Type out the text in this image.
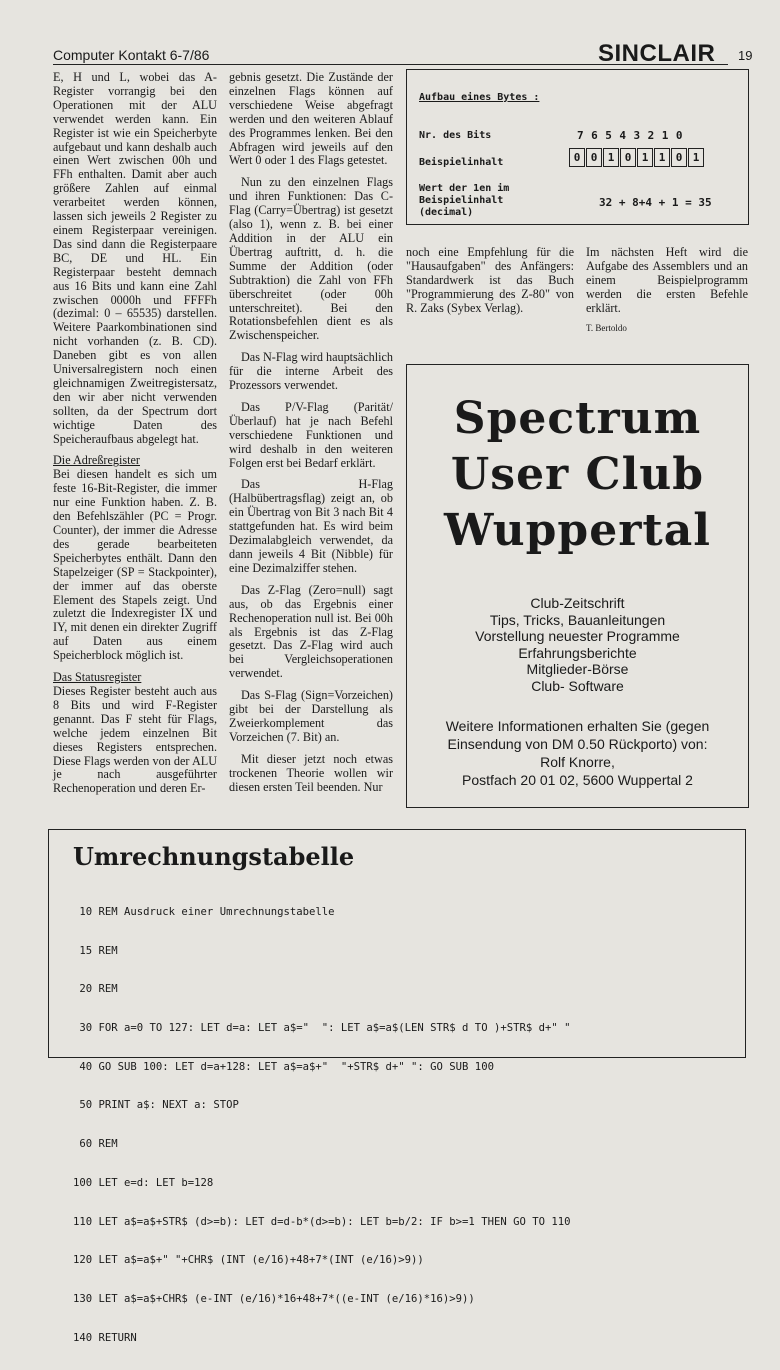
Computer Kontakt 6-7/86	SINCLAIR 19

E, H und L, wobei das A-Register vorrangig bei den Operationen mit der ALU verwendet werden kann. Ein Register ist wie ein Speicherbyte aufgebaut und kann deshalb auch einen Wert zwischen 00h und FFh enthalten. Damit aber auch größere Zahlen auf einmal verarbeitet werden können, lassen sich jeweils 2 Register zu einem Registerpaar vereinigen. Das sind dann die Registerpaare BC, DE und HL. Ein Registerpaar besteht demnach aus 16 Bits und kann eine Zahl zwischen 0000h und FFFFh (dezimal: 0 – 65535) darstellen. Weitere Paarkombinationen sind nicht vorhanden (z. B. CD). Daneben gibt es von allen Universalregistern noch einen gleichnamigen Zweitregistersatz, den wir aber nicht verwenden sollten, da der Spectrum dort wichtige Daten des Speicheraufbaus abgelegt hat.

Die Adreßregister

Bei diesen handelt es sich um feste 16-Bit-Register, die immer nur eine Funktion haben. Z. B. den Befehlszähler (PC = Progr. Counter), der immer die Adresse des gerade bearbeiteten Speicherbytes enthält. Dann den Stapelzeiger (SP = Stackpointer), der immer auf das oberste Element des Stapels zeigt. Und zuletzt die Indexregister IX und IY, mit denen ein direkter Zugriff auf Daten aus einem Speicherblock möglich ist.

Das Statusregister

Dieses Register besteht auch aus 8 Bits und wird F-Register genannt. Das F steht für Flags, welche jedem einzelnen Bit dieses Registers entsprechen. Diese Flags werden von der ALU je nach ausgeführter Rechenoperation und deren Er-

gebnis gesetzt. Die Zustände der einzelnen Flags können auf verschiedene Weise abgefragt werden und den weiteren Ablauf des Programmes lenken. Bei den Abfragen wird jeweils auf den Wert 0 oder 1 des Flags getestet.

Nun zu den einzelnen Flags und ihren Funktionen: Das C-Flag (Carry=Übertrag) ist gesetzt (also 1), wenn z. B. bei einer Addition in der ALU ein Übertrag auftritt, d. h. die Summe der Addition (oder Subtraktion) die Zahl von FFh überschreitet (oder 00h unterschreitet). Bei den Rotationsbefehlen dient es als Zwischenspeicher.

Das N-Flag wird hauptsächlich für die interne Arbeit des Prozessors verwendet.

Das P/V-Flag (Parität/Überlauf) hat je nach Befehl verschiedene Funktionen und wird deshalb in den weiteren Folgen erst bei Bedarf erklärt.

Das H-Flag (Halbübertragsflag) zeigt an, ob ein Übertrag von Bit 3 nach Bit 4 stattgefunden hat. Es wird beim Dezimalabgleich verwendet, da dann jeweils 4 Bit (Nibble) für eine Dezimalziffer stehen.

Das Z-Flag (Zero=null) sagt aus, ob das Ergebnis einer Rechenoperation null ist. Bei 00h als Ergebnis ist das Z-Flag gesetzt. Das Z-Flag wird auch bei Vergleichsoperationen verwendet.

Das S-Flag (Sign=Vorzeichen) gibt bei der Darstellung als Zweierkomplement das Vorzeichen (7. Bit) an.

Mit dieser jetzt noch etwas trockenen Theorie wollen wir diesen ersten Teil beenden. Nur

Aufbau eines Bytes :
Nr. des Bits	76543210
Beispielinhalt	0 0 1 0 1 1 0 1
Wert der 1en im
Beispielinhalt
(decimal)
32 + 8+4 + 1 = 35
noch eine Empfehlung für die "Hausaufgaben" des Anfängers: Standardwerk ist das Buch "Programmierung des Z-80" von R. Zaks (Sybex Verlag).
Im nächsten Heft wird die Aufgabe des Assemblers und an einem Beispielprogramm werden die ersten Befehle erklärt.
T. Bertoldo
Spectrum
User Club
Wuppertal
Club-Zeitschrift
Tips, Tricks, Bauanleitungen
Vorstellung neuester Programme
Erfahrungsberichte
Mitglieder-Börse
Club- Software
Weitere Informationen erhalten Sie (gegen
Einsendung von DM 0.50 Rückporto) von:
Rolf Knorre,
Postfach 20 01 02, 5600 Wuppertal 2
Umrechnungstabelle

10 REM Ausdruck einer Umrechnungstabelle

15 REM

20 REM

30 FOR a=0 TO 127: LET d=a: LET a$="  ": LET a$=a$(LEN STR$ d TO )+STR$ d+" "

40 GO SUB 100: LET d=a+128: LET a$=a$+"  "+STR$ d+" ": GO SUB 100

50 PRINT a$: NEXT a: STOP

60 REM

100 LET e=d: LET b=128

110 LET a$=a$+STR$ (d>=b): LET d=d-b*(d>=b): LET b=b/2: IF b>=1 THEN GO TO 110

120 LET a$=a$+" "+CHR$ (INT (e/16)+48+7*(INT (e/16)>9))

130 LET a$=a$+CHR$ (e-INT (e/16)*16+48+7*((e-INT (e/16)*16)>9))

140 RETURN
